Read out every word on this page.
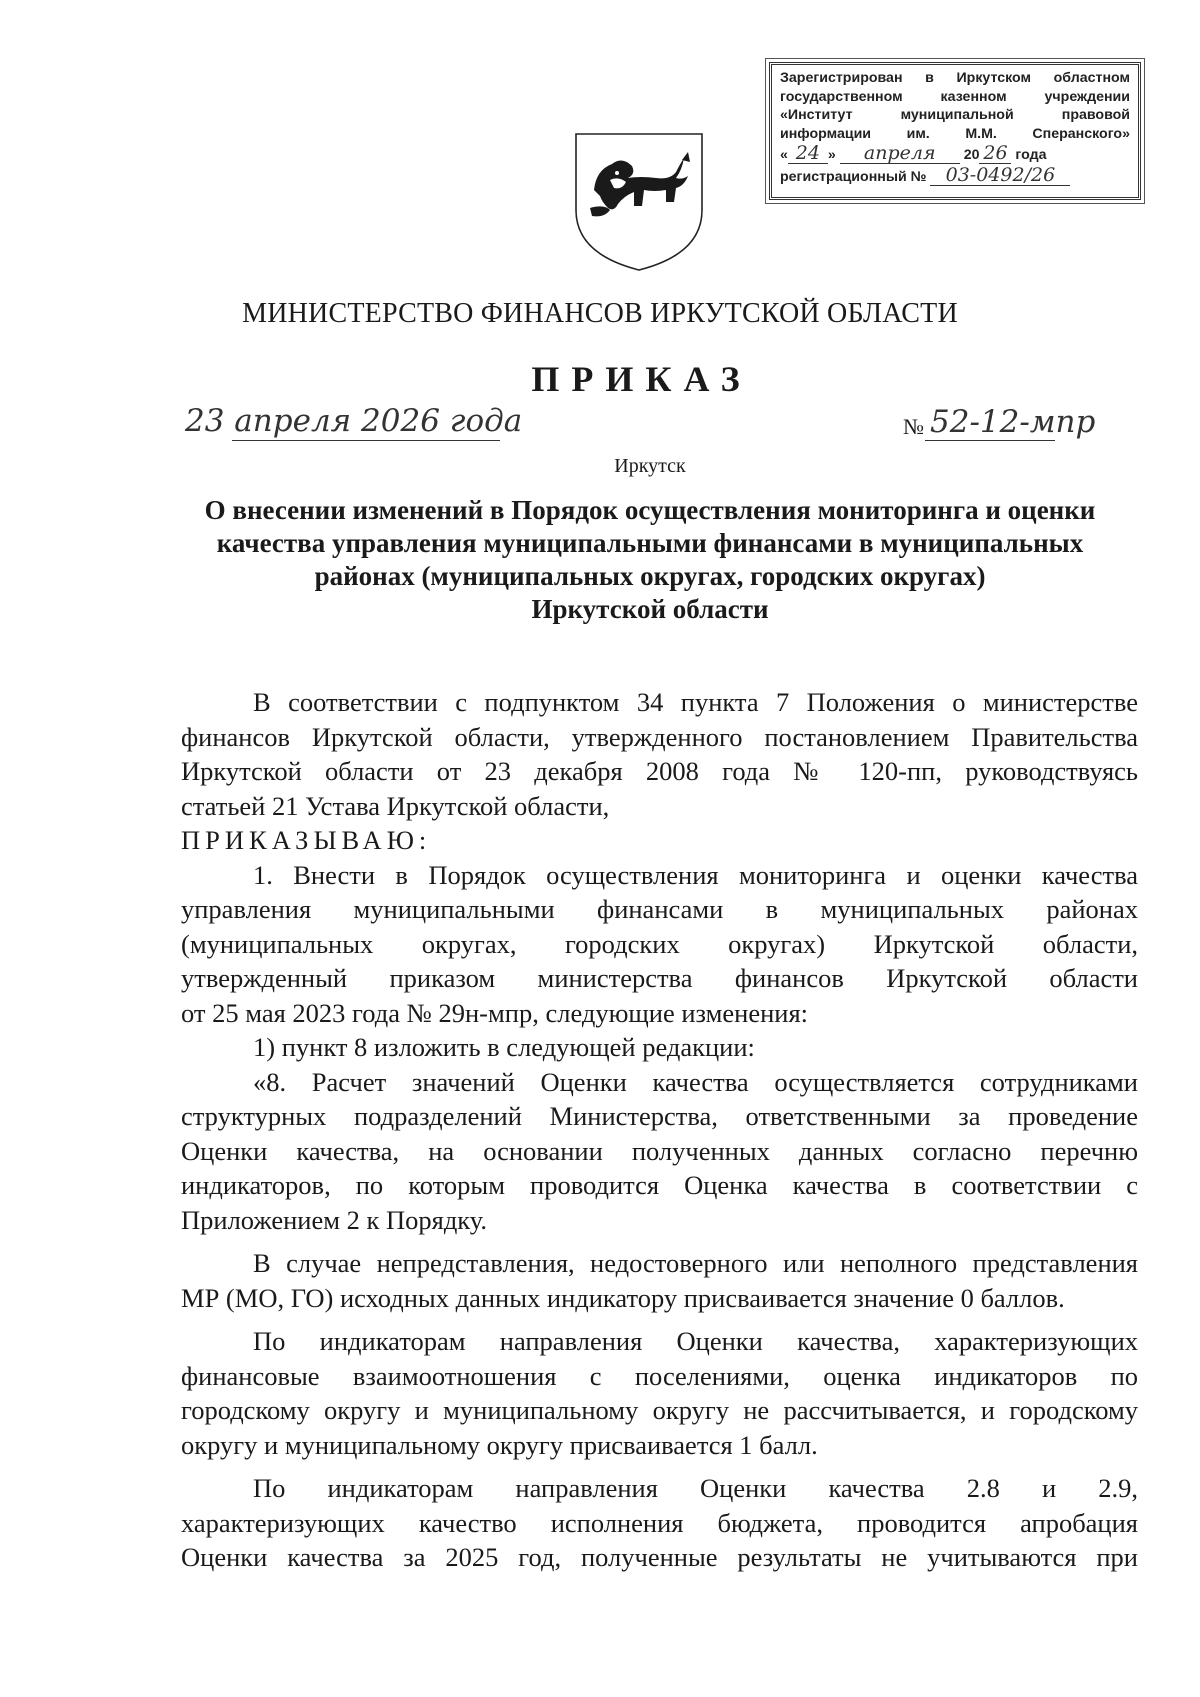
Зарегистрирован в Иркутском областном
государственном казенном учреждении
«Институт муниципальной правовой
информации им. М.М. Сперанского»
« 24 » апреля 20 26 года
регистрационный № 03-0492/26
МИНИСТЕРСТВО ФИНАНСОВ ИРКУТСКОЙ ОБЛАСТИ
ПРИКАЗ
23 апреля 2026 года	№ 52-12-мпр
Иркутск
О внесении изменений в Порядок осуществления мониторинга и оценки
качества управления муниципальными финансами в муниципальных
районах (муниципальных округах, городских округах)
Иркутской области

В соответствии с подпунктом 34 пункта 7 Положения о министерстве

финансов Иркутской области, утвержденного постановлением Правительства

Иркутской области от 23 декабря 2008 года № 120-пп, руководствуясь

статьей 21 Устава Иркутской области,

ПРИКАЗЫВАЮ:

1. Внести в Порядок осуществления мониторинга и оценки качества

управления муниципальными финансами в муниципальных районах

(муниципальных округах, городских округах) Иркутской области,

утвержденный приказом министерства финансов Иркутской области

от 25 мая 2023 года № 29н-мпр, следующие изменения:

1) пункт 8 изложить в следующей редакции:

«8. Расчет значений Оценки качества осуществляется сотрудниками

структурных подразделений Министерства, ответственными за проведение

Оценки качества, на основании полученных данных согласно перечню

индикаторов, по которым проводится Оценка качества в соответствии с

Приложением 2 к Порядку.

В случае непредставления, недостоверного или неполного представления

МР (МО, ГО) исходных данных индикатору присваивается значение 0 баллов.

По индикаторам направления Оценки качества, характеризующих

финансовые взаимоотношения с поселениями, оценка индикаторов по

городскому округу и муниципальному округу не рассчитывается, и городскому

округу и муниципальному округу присваивается 1 балл.

По индикаторам направления Оценки качества 2.8 и 2.9,

характеризующих качество исполнения бюджета, проводится апробация

Оценки качества за 2025 год, полученные результаты не учитываются при
